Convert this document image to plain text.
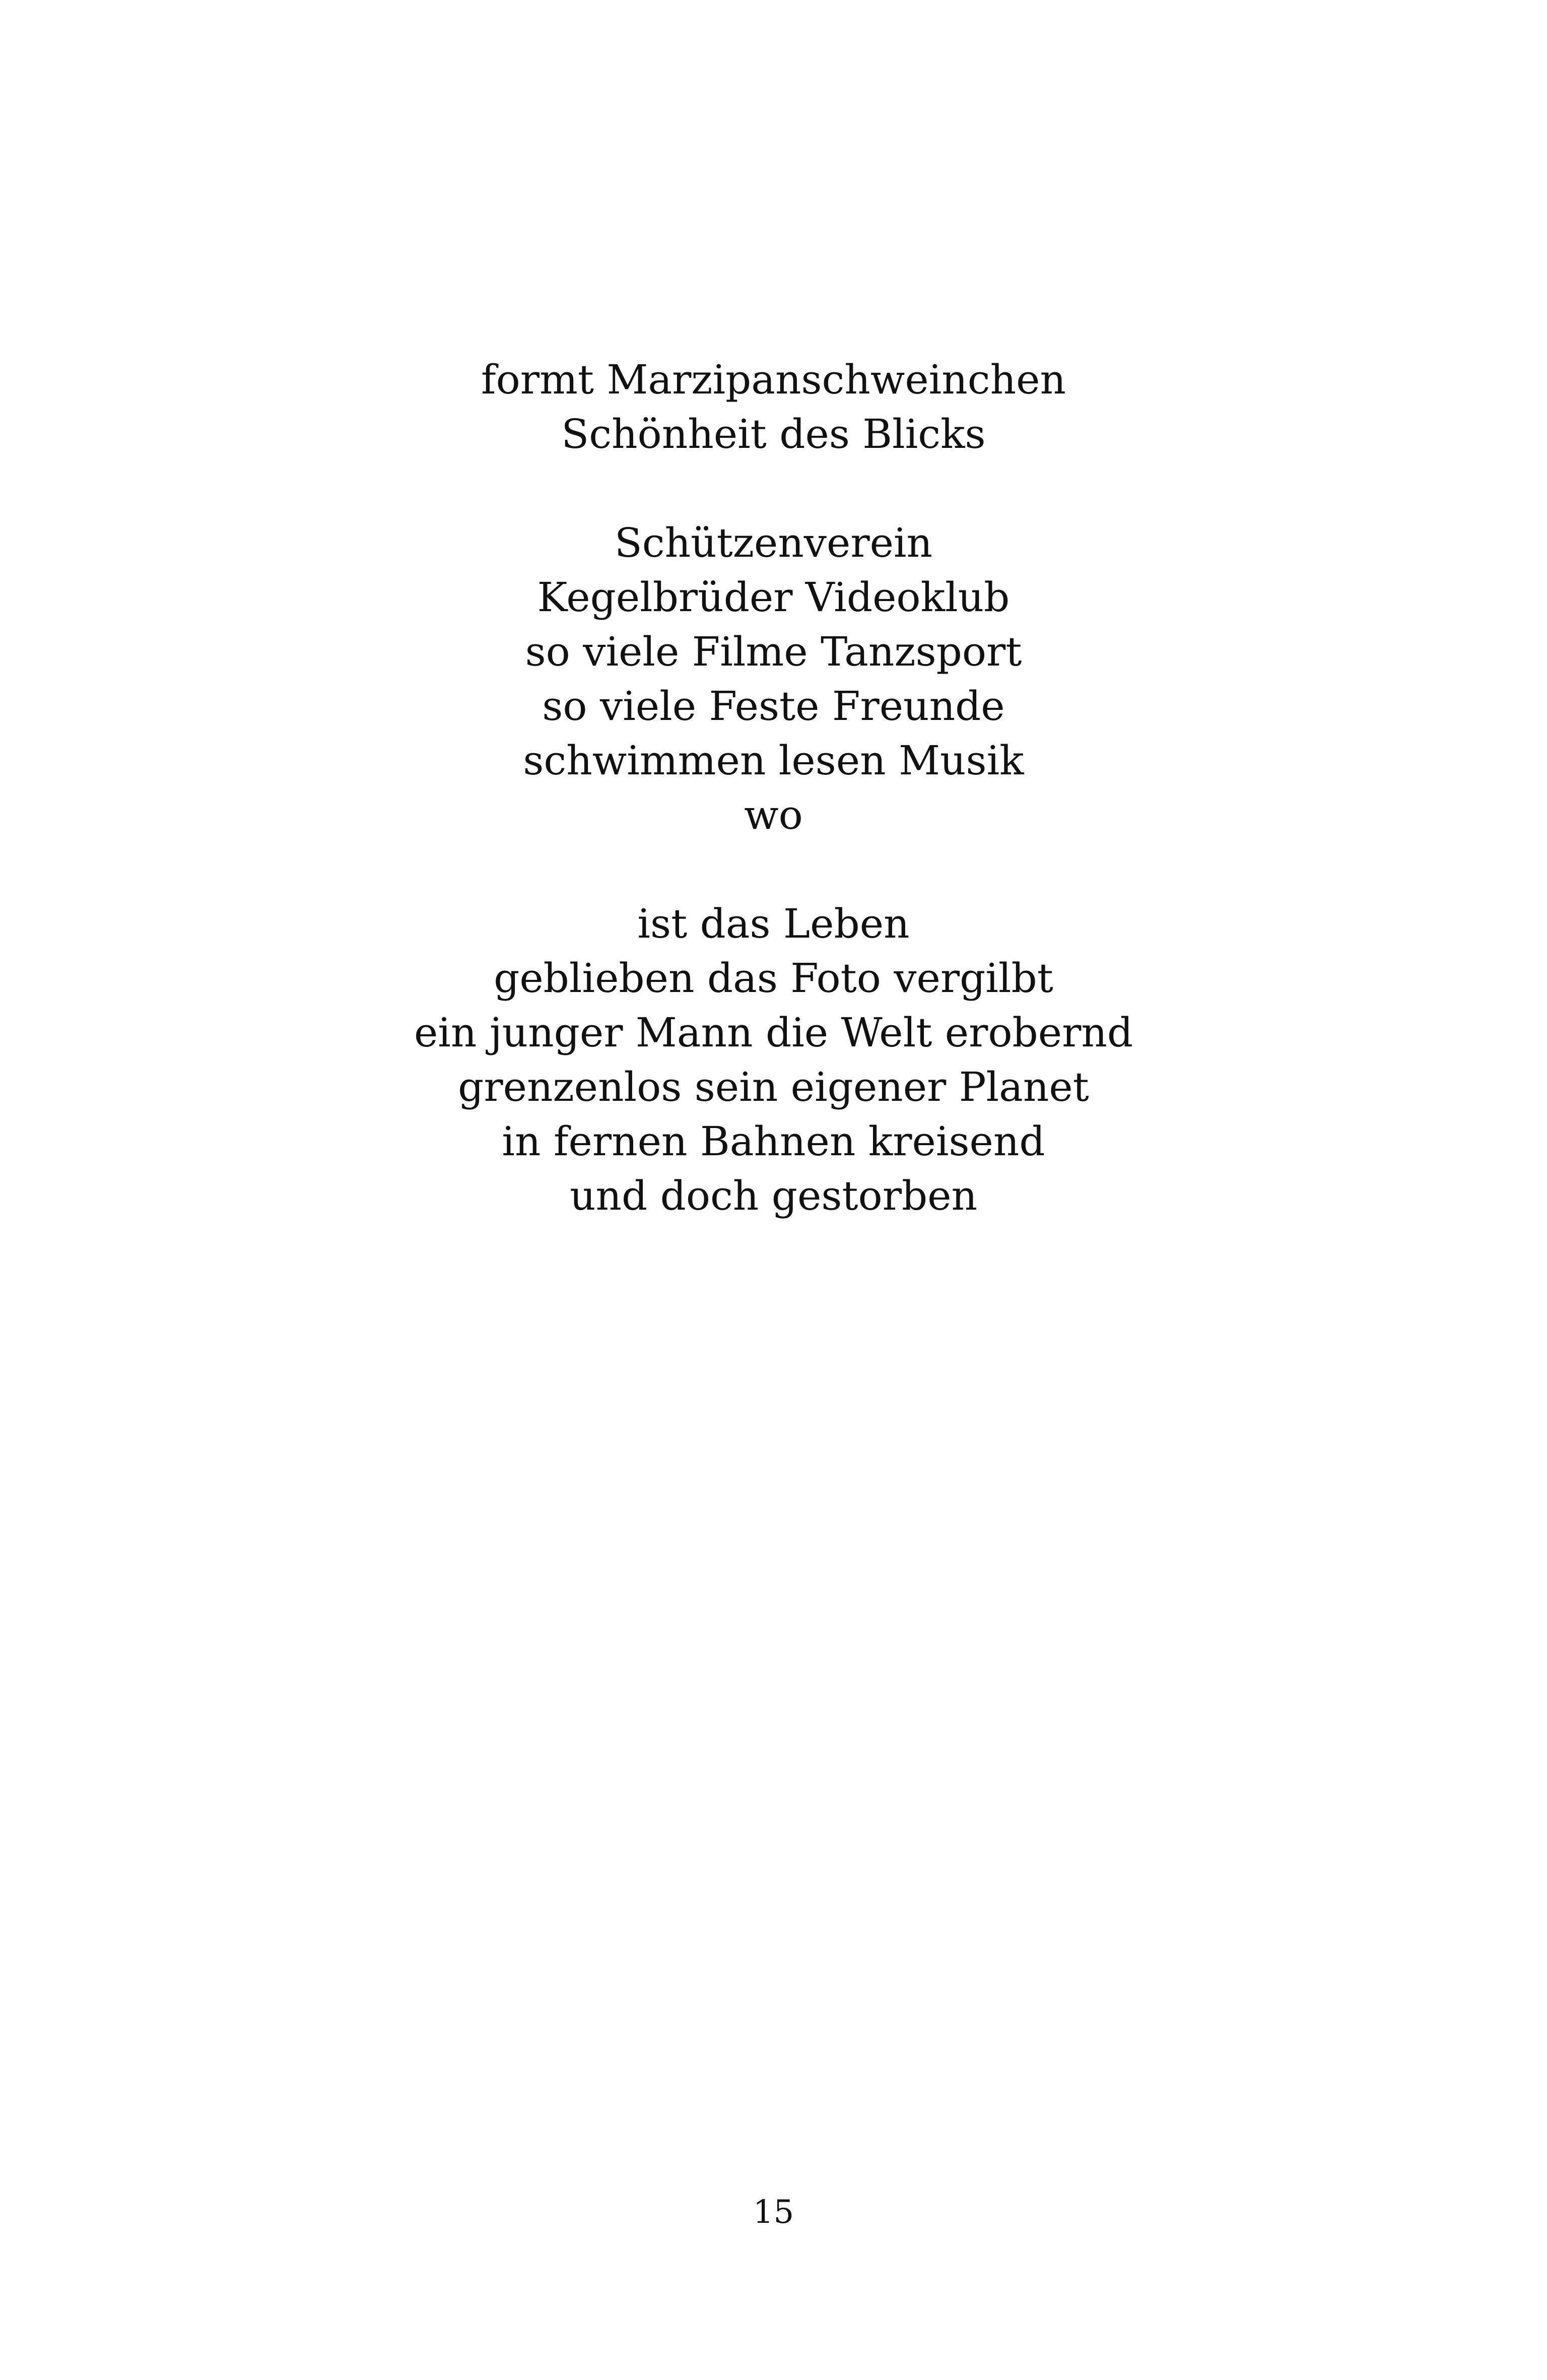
formt Marzipanschweinchen
Schönheit des Blicks
Schützenverein
Kegelbrüder Videoklub
so viele Filme Tanzsport
so viele Feste Freunde
schwimmen lesen Musik
wo
ist das Leben
geblieben das Foto vergilbt
ein junger Mann die Welt erobernd
grenzenlos sein eigener Planet
in fernen Bahnen kreisend
und doch gestorben
15
